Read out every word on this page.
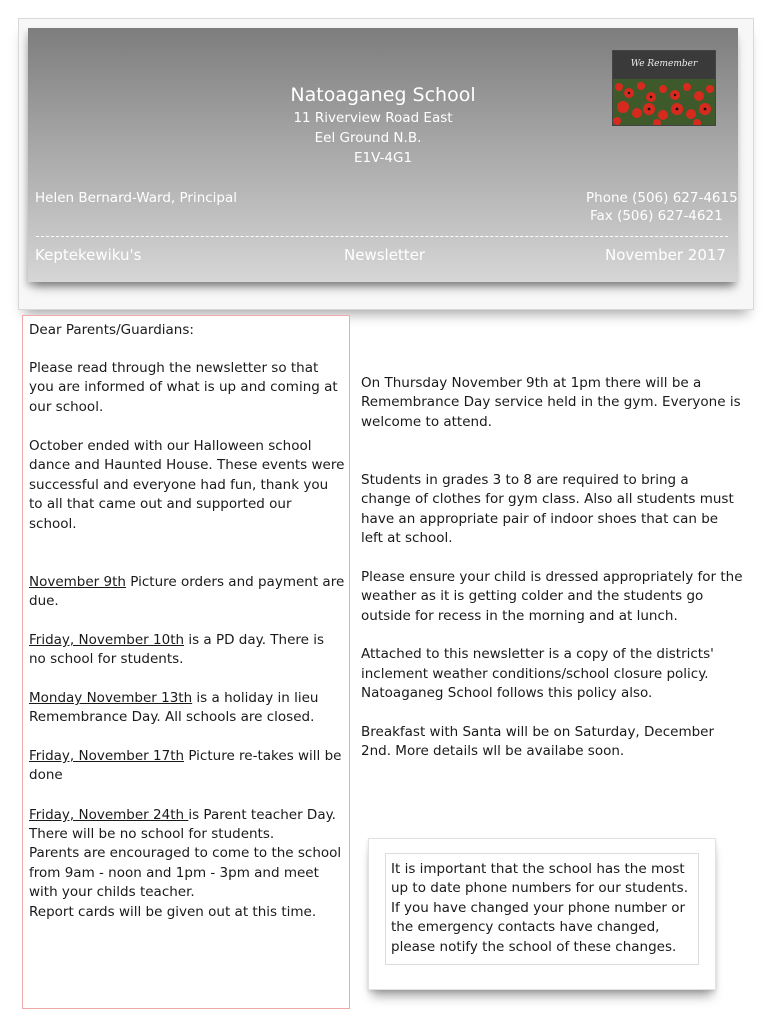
Natoaganeg School
11 Riverview Road East
Eel Ground N.B.
E1V-4G1
We Remember
Helen Bernard-Ward, Principal	Phone (506) 627-4615
Fax (506) 627-4621
Keptekewiku's	Newsletter	November 2017

Dear Parents/Guardians:

Please read through the newsletter so that

you are informed of what is up and coming at

our school.

October ended with our Halloween school

dance and Haunted House. These events were

successful and everyone had fun, thank you

to all that came out and supported our

school.

November 9th Picture orders and payment are

due.

Friday, November 10th is a PD day. There is

no school for students.

Monday November 13th is a holiday in lieu

Remembrance Day. All schools are closed.

Friday, November 17th Picture re-takes will be

done

Friday, November 24th is Parent teacher Day.

There will be no school for students.

Parents are encouraged to come to the school

from 9am - noon and 1pm - 3pm and meet

with your childs teacher.

Report cards will be given out at this time.

On Thursday November 9th at 1pm there will be a

Remembrance Day service held in the gym. Everyone is

welcome to attend.

Students in grades 3 to 8 are required to bring a

change of clothes for gym class. Also all students must

have an appropriate pair of indoor shoes that can be

left at school.

Please ensure your child is dressed appropriately for the

weather as it is getting colder and the students go

outside for recess in the morning and at lunch.

Attached to this newsletter is a copy of the districts'

inclement weather conditions/school closure policy.

Natoaganeg School follows this policy also.

Breakfast with Santa will be on Saturday, December

2nd. More details wll be availabe soon.

It is important that the school has the most

up to date phone numbers for our students.

If you have changed your phone number or

the emergency contacts have changed,

please notify the school of these changes.
